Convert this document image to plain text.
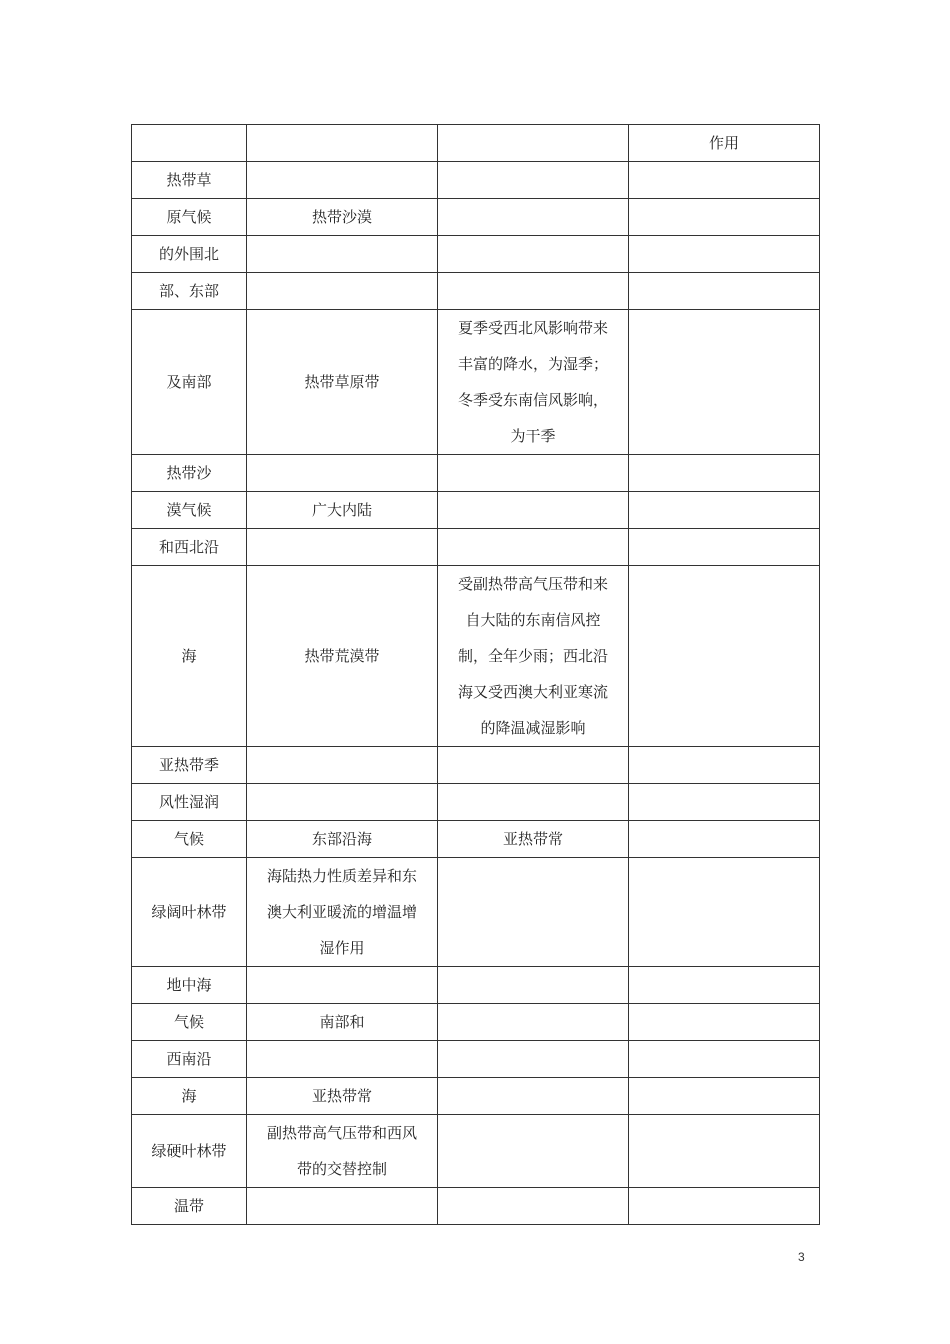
			作用
热带草			
原气候	热带沙漠		
的外围北			
部、东部			
及南部	热带草原带	夏季受西北风影响带来
丰富的降水，为湿季；
冬季受东南信风影响，
为干季	
热带沙			
漠气候	广大内陆		
和西北沿			
海	热带荒漠带	受副热带高气压带和来
自大陆的东南信风控
制，全年少雨；西北沿
海又受西澳大利亚寒流
的降温减湿影响	
亚热带季			
风性湿润			
气候	东部沿海	亚热带常	
绿阔叶林带	海陆热力性质差异和东
澳大利亚暖流的增温增
湿作用		
地中海			
气候	南部和		
西南沿			
海	亚热带常		
绿硬叶林带	副热带高气压带和西风
带的交替控制		
温带			
3
